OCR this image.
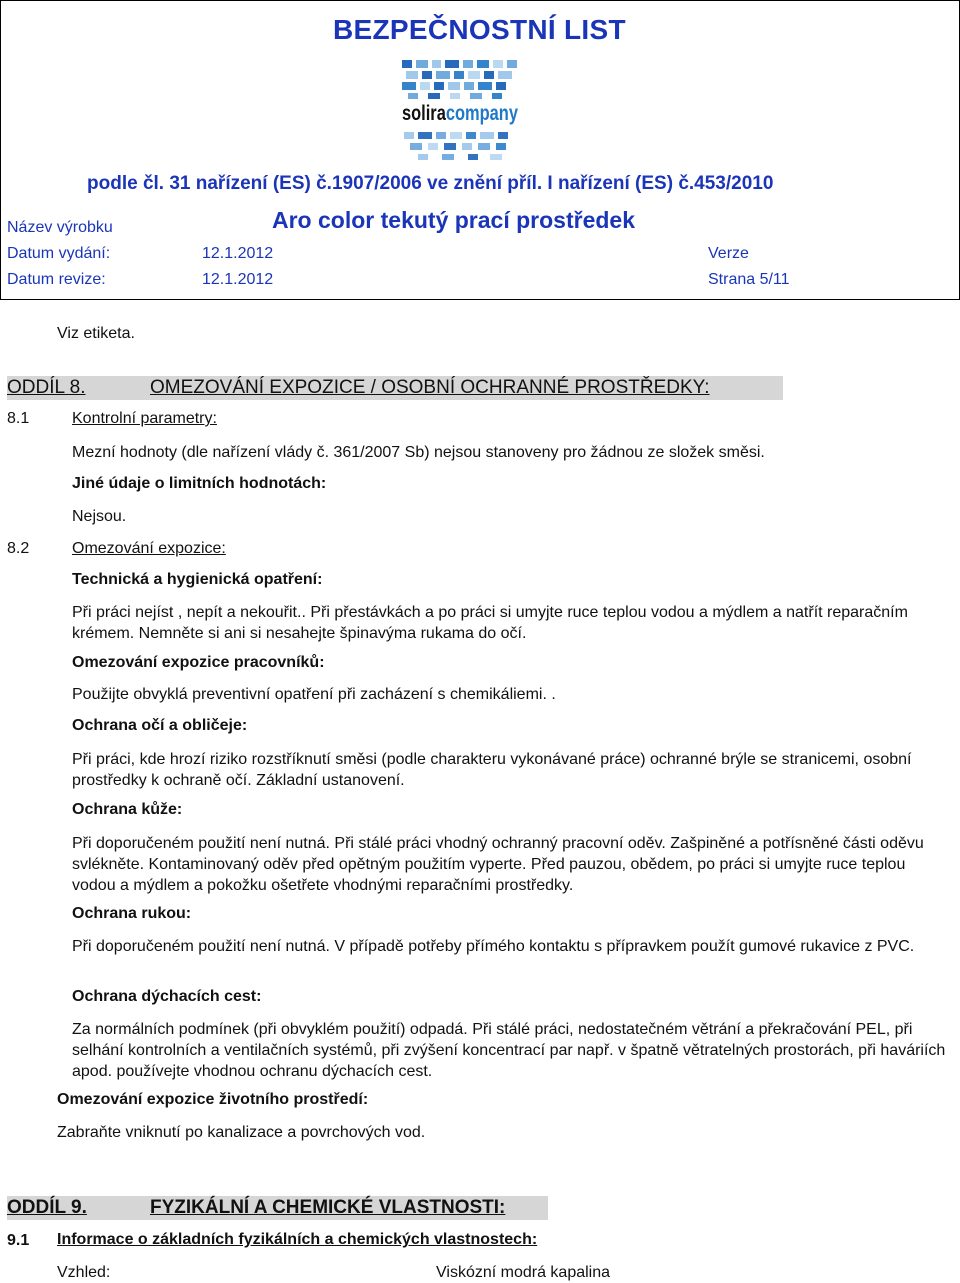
BEZPEČNOSTNÍ LIST
soliracompany
podle čl. 31 nařízení (ES) č.1907/2006 ve znění příl. I nařízení (ES) č.453/2010
Název výrobku	Aro color tekutý prací prostředek
Datum vydání:	12.1.2012	Verze
Datum revize:	12.1.2012	Strana 5/11
Viz etiketa.
ODDÍL 8.	OMEZOVÁNÍ EXPOZICE / OSOBNÍ OCHRANNÉ PROSTŘEDKY:
8.1	Kontrolní parametry:
Mezní hodnoty (dle nařízení vlády č. 361/2007 Sb) nejsou stanoveny pro žádnou ze složek směsi.
Jiné údaje o limitních hodnotách:
Nejsou.
8.2	Omezování expozice:
Technická a hygienická opatření:
Při práci nejíst , nepít a nekouřit.. Při přestávkách a po práci si umyjte ruce teplou vodou a mýdlem a natřít reparačním krémem. Nemněte si ani si nesahejte špinavýma rukama do očí.
Omezování expozice pracovníků:
Použijte obvyklá preventivní opatření při zacházení s chemikáliemi. .
Ochrana očí a obličeje:
Při práci, kde hrozí riziko rozstříknutí směsi (podle charakteru vykonávané práce) ochranné brýle se stranicemi, osobní prostředky k ochraně očí. Základní ustanovení.
Ochrana kůže:
Při doporučeném použití není nutná. Při stálé práci vhodný ochranný pracovní oděv. Zašpiněné a potřísněné části oděvu svlékněte. Kontaminovaný oděv před opětným použitím vyperte. Před pauzou, obědem, po práci si umyjte ruce teplou vodou a mýdlem a pokožku ošetřete vhodnými reparačními prostředky.
Ochrana rukou:
Při doporučeném použití není nutná. V případě potřeby přímého kontaktu s přípravkem použít gumové rukavice z PVC.
Ochrana dýchacích cest:
Za normálních podmínek (při obvyklém použití) odpadá. Při stálé práci, nedostatečném větrání a překračování PEL, při selhání kontrolních a ventilačních systémů, při zvýšení koncentrací par např. v špatně větratelných prostorách, při haváriích apod. používejte vhodnou ochranu dýchacích cest.
Omezování expozice životního prostředí:
Zabraňte vniknutí po kanalizace a povrchových vod.
ODDÍL 9.	FYZIKÁLNÍ A CHEMICKÉ VLASTNOSTI:
9.1 Informace o základních fyzikálních a chemických vlastnostech:
Vzhled:	Viskózní modrá kapalina
